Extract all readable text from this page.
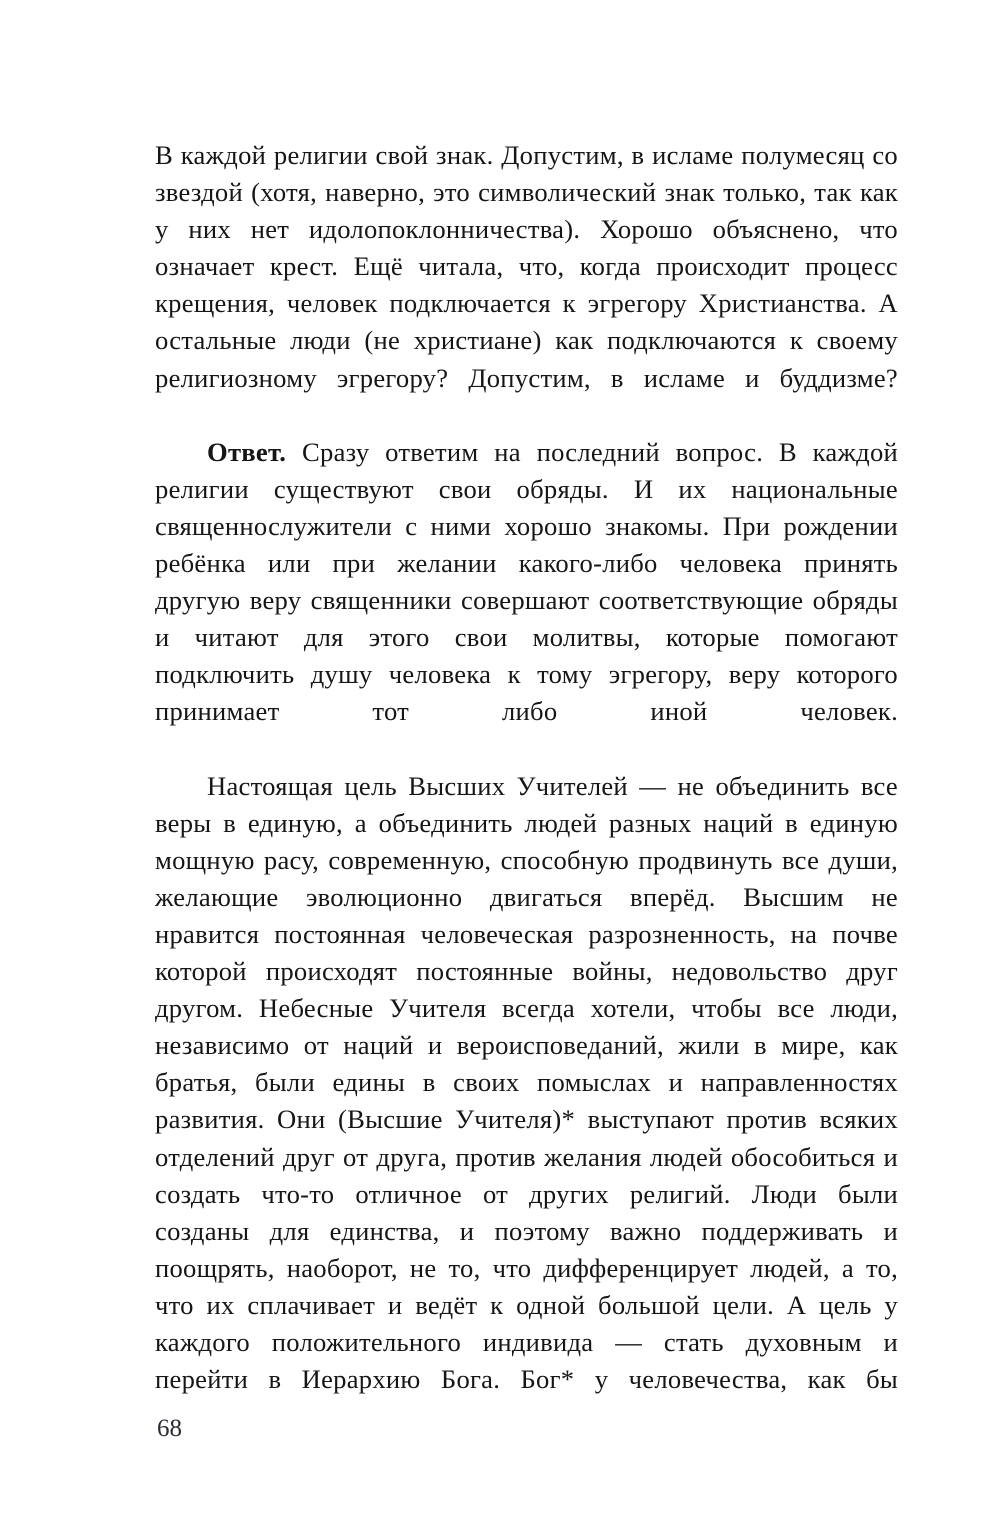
В каждой религии свой знак. Допустим, в исламе полумесяц со звездой (хотя, наверно, это символический знак только, так как у них нет идолопоклонничества). Хорошо объяснено, что означает крест. Ещё читала, что, когда происходит процесс крещения, человек подключается к эгрегору Христианства. А остальные люди (не христиане) как подключаются к своему религиозному эгрегору? Допустим, в исламе и буддизме?

Ответ. Сразу ответим на последний вопрос. В каждой религии существуют свои обряды. И их национальные священнослужители с ними хорошо знакомы. При рождении ребёнка или при желании какого-либо человека принять другую веру священники совершают соответствующие обряды и читают для этого свои молитвы, которые помогают подключить душу человека к тому эгрегору, веру которого принимает тот либо иной человек.

Настоящая цель Высших Учителей — не объединить все веры в единую, а объединить людей разных наций в единую мощную расу, современную, способную продвинуть все души, желающие эволюционно двигаться вперёд. Высшим не нравится постоянная человеческая разрозненность, на почве которой происходят постоянные войны, недовольство друг другом. Небесные Учителя всегда хотели, чтобы все люди, независимо от наций и вероисповеданий, жили в мире, как братья, были едины в своих помыслах и направленностях развития. Они (Высшие Учителя)* выступают против всяких отделений друг от друга, против желания людей обособиться и создать что-то отличное от других религий. Люди были созданы для единства, и поэтому важно поддерживать и поощрять, наоборот, не то, что дифференцирует людей, а то, что их сплачивает и ведёт к одной большой цели. А цель у каждого положительного индивида — стать духовным и перейти в Иерархию Бога. Бог* у человечества, как бы

68
